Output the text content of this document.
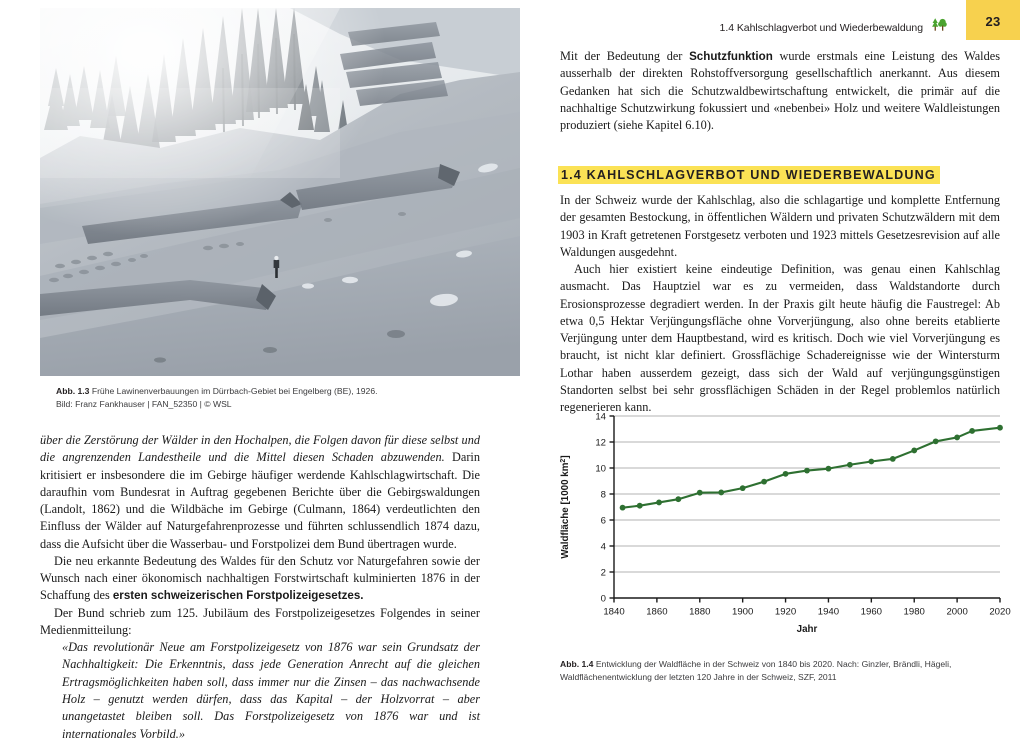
23
1.4 Kahlschlagverbot und Wiederbewaldung
Abb. 1.3 Frühe Lawinenverbauungen im Dürrbach-Gebiet bei Engelberg (BE), 1926.
Bild: Franz Fankhauser | FAN_52350 | © WSL

über die Zerstörung der Wälder in den Hochalpen, die Folgen davon für diese selbst und die angrenzenden Landestheile und die Mittel diesen Schaden abzuwenden. Darin kritisiert er insbesondere die im Gebirge häufiger werdende Kahlschlagwirtschaft. Die daraufhin vom Bundesrat in Auftrag gegebenen Berichte über die Gebirgswaldungen (Landolt, 1862) und die Wildbäche im Gebirge (Culmann, 1864) verdeutlichten den Einfluss der Wälder auf Naturgefahrenprozesse und führten schlussendlich 1874 dazu, dass die Aufsicht über die Wasserbau- und Forstpolizei dem Bund übertragen wurde.

Die neu erkannte Bedeutung des Waldes für den Schutz vor Naturgefahren sowie der Wunsch nach einer ökonomisch nachhaltigen Forstwirtschaft kulminierten 1876 in der Schaffung des ersten schweizerischen Forstpolizeigesetzes.

Der Bund schrieb zum 125. Jubiläum des Forstpolizeigesetzes Folgendes in seiner Medienmitteilung:

«Das revolutionär Neue am Forstpolizeigesetz von 1876 war sein Grundsatz der Nachhaltigkeit: Die Erkenntnis, dass jede Generation Anrecht auf die gleichen Ertragsmöglichkeiten haben soll, dass immer nur die Zinsen – das nachwachsende Holz – genutzt werden dürfen, dass das Kapital – der Holzvorrat – aber unangetastet bleiben soll. Das Forstpolizeigesetz von 1876 war und ist internationales Vorbild.»

Mit der Bedeutung der Schutzfunktion wurde erstmals eine Leistung des Waldes ausserhalb der direkten Rohstoffversorgung gesellschaftlich anerkannt. Aus diesem Gedanken hat sich die Schutzwaldbewirtschaftung entwickelt, die primär auf die nachhaltige Schutzwirkung fokussiert und «nebenbei» Holz und weitere Waldleistungen produziert (siehe Kapitel 6.10).

1.4 KAHLSCHLAGVERBOT UND WIEDERBEWALDUNG

In der Schweiz wurde der Kahlschlag, also die schlagartige und komplette Entfernung der gesamten Bestockung, in öffentlichen Wäldern und privaten Schutzwäldern mit dem 1903 in Kraft getretenen Forstgesetz verboten und 1923 mittels Gesetzesrevision auf alle Waldungen ausgedehnt.

Auch hier existiert keine eindeutige Definition, was genau einen Kahlschlag ausmacht. Das Hauptziel war es zu vermeiden, dass Waldstandorte durch Erosionsprozesse degradiert werden. In der Praxis gilt heute häufig die Faustregel: Ab etwa 0,5 Hektar Verjüngungsfläche ohne Vorverjüngung, also ohne bereits etablierte Verjüngung unter dem Hauptbestand, wird es kritisch. Doch wie viel Vorverjüngung es braucht, ist nicht klar definiert. Grossflächige Schadereignisse wie der Wintersturm Lothar haben ausserdem gezeigt, dass sich der Wald auf verjüngungsgünstigen Standorten selbst bei sehr grossflächigen Schäden in der Regel problemlos natürlich regenerieren kann.

0
2
4
6
8
10
12
14
1840 1860 1880 1900 1920 1940 1960 1980 2000 2020
Jahr
Waldfläche [1000 $km^2$]
Abb. 1.4 Entwicklung der Waldfläche in der Schweiz von 1840 bis 2020. Nach: Ginzler, Brändli, Hägeli, Waldflächenentwicklung der letzten 120 Jahre in der Schweiz, SZF, 2011
